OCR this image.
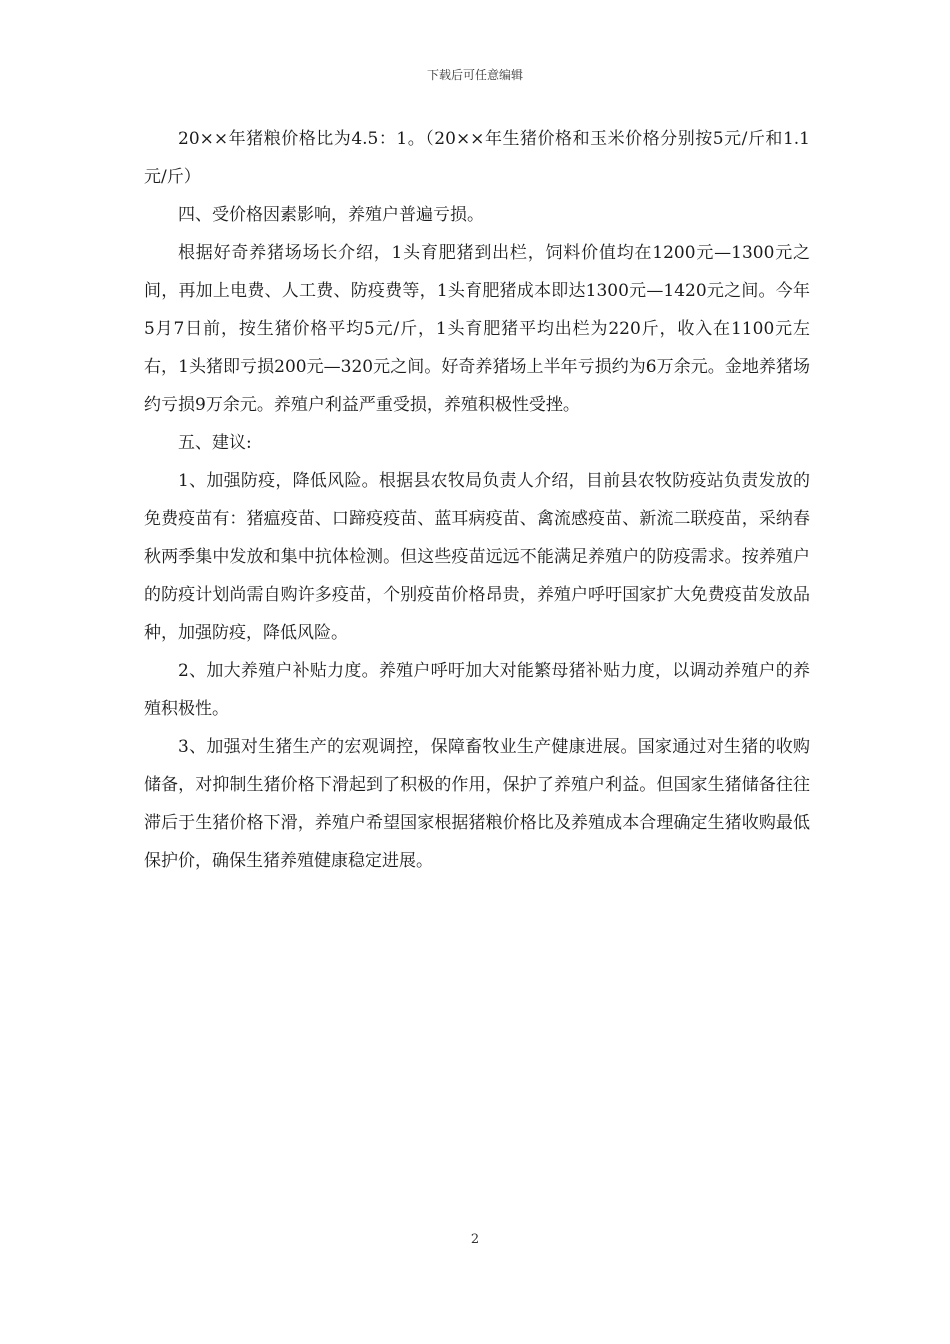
下载后可任意编辑

20××年猪粮价格比为4.5：1。（20××年生猪价格和玉米价格分别按5元/斤和1.1元/斤）

四、受价格因素影响，养殖户普遍亏损。

根据好奇养猪场场长介绍，1头育肥猪到出栏，饲料价值均在1200元—1300元之间，再加上电费、人工费、防疫费等，1头育肥猪成本即达1300元—1420元之间。今年5月7日前，按生猪价格平均5元/斤，1头育肥猪平均出栏为220斤，收入在1100元左右，1头猪即亏损200元—320元之间。好奇养猪场上半年亏损约为6万余元。金地养猪场约亏损9万余元。养殖户利益严重受损，养殖积极性受挫。

五、建议:

1、加强防疫，降低风险。根据县农牧局负责人介绍，目前县农牧防疫站负责发放的免费疫苗有：猪瘟疫苗、口蹄疫疫苗、蓝耳病疫苗、禽流感疫苗、新流二联疫苗，采纳春秋两季集中发放和集中抗体检测。但这些疫苗远远不能满足养殖户的防疫需求。按养殖户的防疫计划尚需自购许多疫苗，个别疫苗价格昂贵，养殖户呼吁国家扩大免费疫苗发放品种，加强防疫，降低风险。

2、加大养殖户补贴力度。养殖户呼吁加大对能繁母猪补贴力度，以调动养殖户的养殖积极性。

3、加强对生猪生产的宏观调控，保障畜牧业生产健康进展。国家通过对生猪的收购储备，对抑制生猪价格下滑起到了积极的作用，保护了养殖户利益。但国家生猪储备往往滞后于生猪价格下滑，养殖户希望国家根据猪粮价格比及养殖成本合理确定生猪收购最低保护价，确保生猪养殖健康稳定进展。

2
